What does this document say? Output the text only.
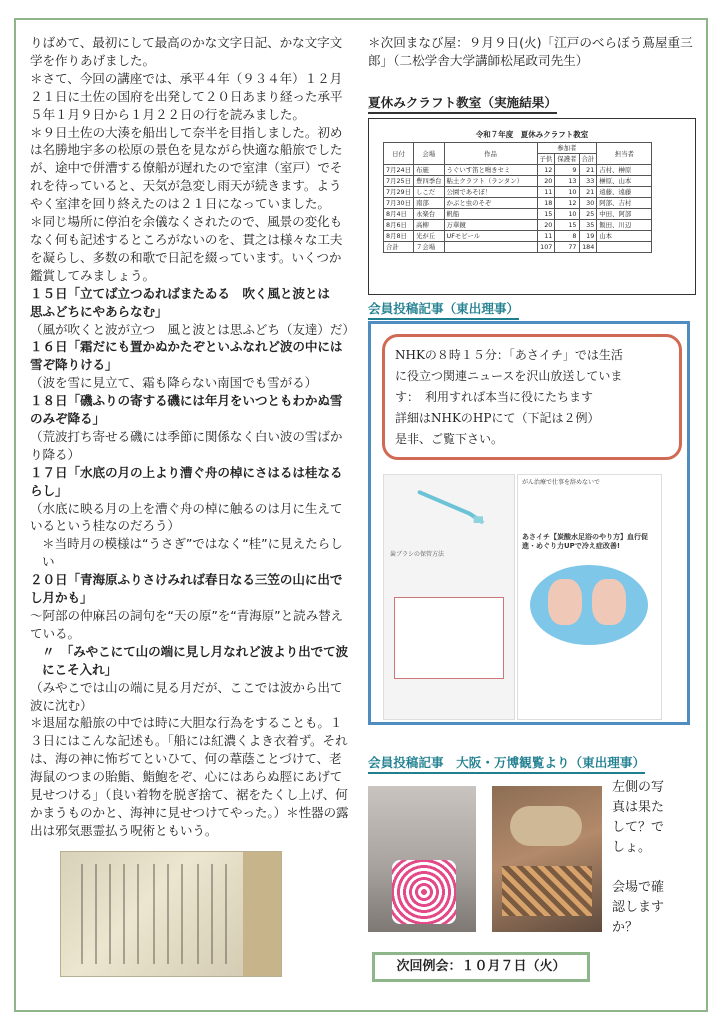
りばめて、最初にして最高のかな文字日記、かな文字文学を作りあげました。

＊さて、今回の講座では、承平４年（９３４年）１２月２１日に土佐の国府を出発して２０日あまり経った承平５年１月９日から１月２２日の行を読みました。

＊９日土佐の大湊を船出して奈半を目指しました。初めは名勝地宇多の松原の景色を見ながら快適な船旅でしたが、途中で併漕する僚船が遅れたので室津（室戸）でそれを待っていると、天気が急変し雨天が続きます。ようやく室津を回り終えたのは２１日になっていました。

＊同じ場所に停泊を余儀なくされたので、風景の変化もなく何も記述するところがないのを、貫之は様々な工夫を凝らし、多数の和歌で日記を綴っています。いくつか鑑賞してみましょう。

１５日「立てば立つゐればまたゐる　吹く風と波とは　思ふどちにやあらなむ」

（風が吹くと波が立つ　風と波とは思ふどち（友達）だ）

１６日「霜だにも置かぬかたぞといふなれど波の中には雪ぞ降りける」

（波を雪に見立て、霜も降らない南国でも雪がる）

１８日「磯ふりの寄する磯には年月をいつともわかぬ雪のみぞ降る」

（荒波打ち寄せる磯には季節に関係なく白い波の雪ばかり降る）

１７日「水底の月の上より漕ぐ舟の棹にさはるは桂なるらし」

（水底に映る月の上を漕ぐ舟の棹に触るのは月に生えているという桂なのだろう）

＊当時月の模様は“うさぎ”ではなく“桂”に見えたらしい

２０日「青海原ふりさけみれば春日なる三笠の山に出でし月かも」

～阿部の仲麻呂の詞句を“天の原”を“青海原”と読み替えている。

〃　「みやこにて山の端に見し月なれど波より出でて波にこそ入れ」

（みやこでは山の端に見る月だが、ここでは波から出て波に沈む）

＊退屈な船旅の中では時に大胆な行為をすることも。１３日にはこんな記述も。「船には紅濃くよき衣着ず。それは、海の神に怖ぢてといひて、何の葦蔭ことづけて、老海鼠のつまの貽鮨、鮨鮑をぞ、心にはあらぬ脛にあげて見せつける」（良い着物を脱ぎ捨て、裾をたくし上げ、何かまうものかと、海神に見せつけてやった。）＊性器の露出は邪気悪霊払う呪術ともいう。

＊次回まなび屋：９月９日(火)「江戸のべらぼう蔦屋重三郎」（二松学舎大学講師松尾政司先生）

夏休みクラフト教室（実施結果）
令和７年度　夏休みクラフト教室
日付	会場	作品	参加者			担当者
			子供	保護者	合計	
7月24日	布施	うぐいす笛と鳴きセミ	12	9	21	吉村、榊原
7月25日	豊四季台	粘土クラフト（ランタン）	20	13	33	榊原、山本
7月29日	しこだ	公園であそぼ！	11	10	21	遠藤、遠藤
7月30日	南部	かぶと虫のそぞ	18	12	30	阿部、吉村
8月4日	永楽台	帆船	15	10	25	中田、阿部
8月6日	高柳	万華鏡	20	15	35	飯田、川辺
8月8日	光が丘	UFモビール	11	8	19	山本
合計	７会場		107	77	184	
会員投稿記事（東出理事）

NHKの８時１５分：「あさイチ」では生活

に役立つ関連ニュースを沢山放送していま

す：　利用すれば本当に役にたちます

詳細はNHKのHPにて（下記は２例）

是非、ご覧下さい。

歯ブラシの保管方法
がん治療で仕事を辞めないで
あさイチ【炭酸水足浴のやり方】血行促進・めぐり力UPで冷え症改善!
会員投稿記事　大阪・万博観覧より（東出理事）

左側の写

真は果た

して？で

しょ。

会場で確

認します

か？

次回例会：１０月７日（火）
